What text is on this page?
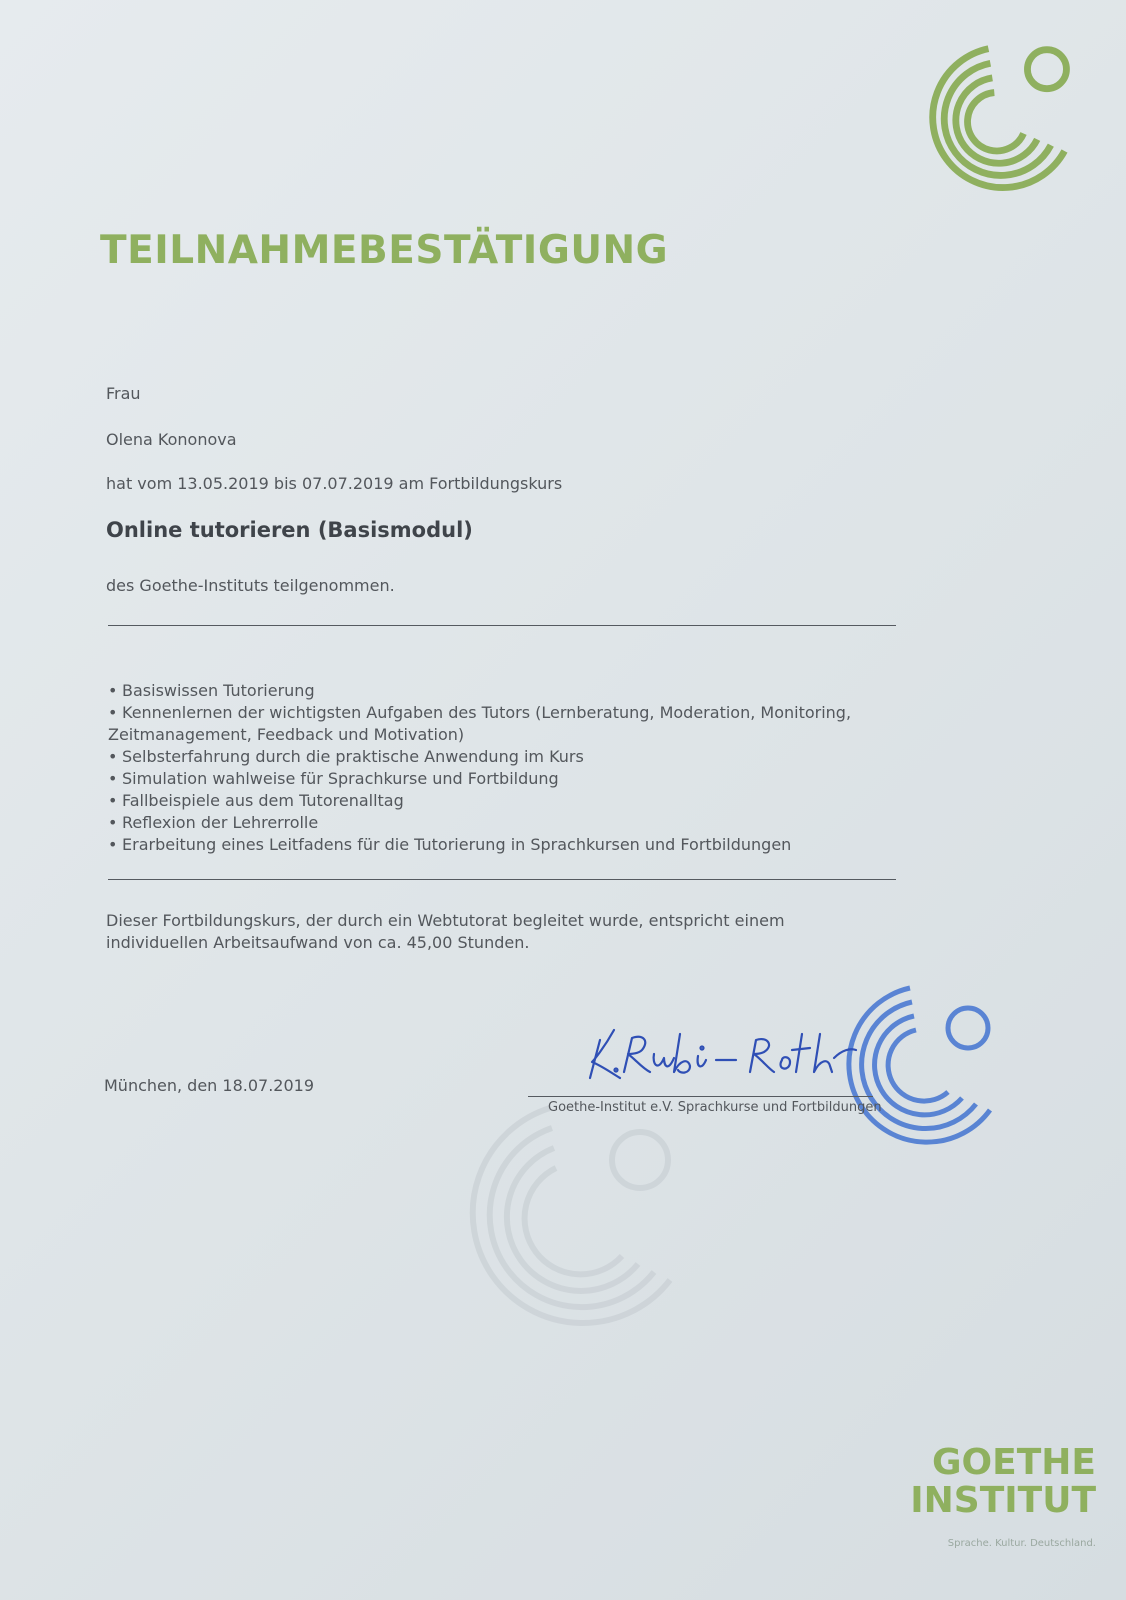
TEILNAHMEBESTÄTIGUNG
Frau
Olena Kononova
hat vom 13.05.2019 bis 07.07.2019 am Fortbildungskurs
Online tutorieren (Basismodul)
des Goethe-Instituts teilgenommen.
• Basiswissen Tutorierung
• Kennenlernen der wichtigsten Aufgaben des Tutors (Lernberatung, Moderation, Monitoring,
Zeitmanagement, Feedback und Motivation)
• Selbsterfahrung durch die praktische Anwendung im Kurs
• Simulation wahlweise für Sprachkurse und Fortbildung
• Fallbeispiele aus dem Tutorenalltag
• Reflexion der Lehrerrolle
• Erarbeitung eines Leitfadens für die Tutorierung in Sprachkursen und Fortbildungen

Dieser Fortbildungskurs, der durch ein Webtutorat begleitet wurde, entspricht einem
individuellen Arbeitsaufwand von ca. 45,00 Stunden.

München, den 18.07.2019
Goethe-Institut e.V. Sprachkurse und Fortbildungen
GOETHE
INSTITUT
Sprache. Kultur. Deutschland.
